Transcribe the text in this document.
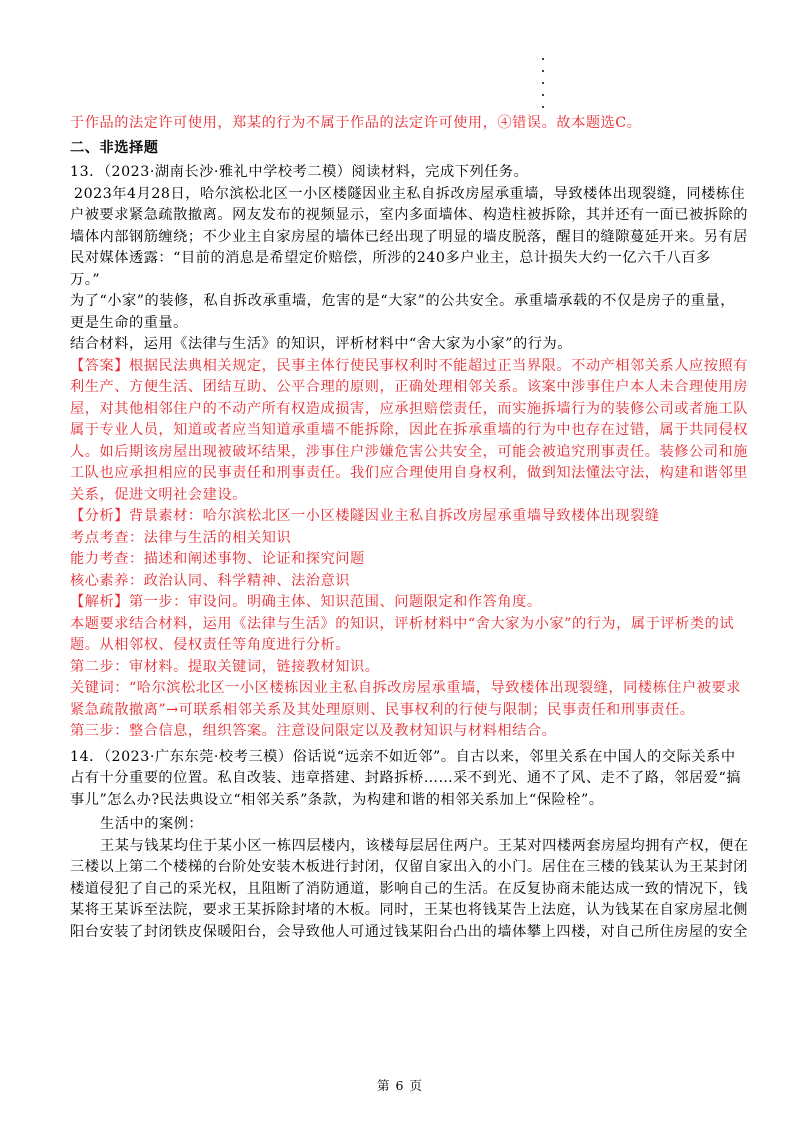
于作品的法定许可使用，郑某的行为不属于作品的法定许可使用，④错误。故本题选C。
二、非选择题
13．（2023·湖南长沙·雅礼中学校考二模）阅读材料，完成下列任务。
2023年4月28日，哈尔滨松北区一小区楼隧因业主私自拆改房屋承重墙，导致楼体出现裂缝，同楼栋住
户被要求紧急疏散撤离。网友发布的视频显示，室内多面墙体、构造柱被拆除，其并还有一面已被拆除的
墙体内部钢筋缠绕；不少业主自家房屋的墙体已经出现了明显的墙皮脱落，醒目的缝隙蔓延开来。另有居
民对媒体透露：“目前的消息是希望定价赔偿，所涉的240多户业主，总计损失大约一亿六千八百多
万。”
为了“小家”的装修，私自拆改承重墙，危害的是“大家”的公共安全。承重墙承载的不仅是房子的重量，
更是生命的重量。
结合材料，运用《法律与生活》的知识，评析材料中“舍大家为小家”的行为。
【答案】根据民法典相关规定，民事主体行使民事权利时不能超过正当界限。不动产相邻关系人应按照有
利生产、方便生活、团结互助、公平合理的原则，正确处理相邻关系。该案中涉事住户本人未合理使用房
屋，对其他相邻住户的不动产所有权造成损害，应承担赔偿责任，而实施拆墙行为的装修公司或者施工队
属于专业人员，知道或者应当知道承重墙不能拆除，因此在拆承重墙的行为中也存在过错，属于共同侵权
人。如后期该房屋出现被破坏结果，涉事住户涉嫌危害公共安全，可能会被追究刑事责任。装修公司和施
工队也应承担相应的民事责任和刑事责任。我们应合理使用自身权利，做到知法懂法守法，构建和谐邻里
关系，促进文明社会建设。
【分析】背景素材：哈尔滨松北区一小区楼隧因业主私自拆改房屋承重墙导致楼体出现裂缝
考点考查：法律与生活的相关知识
能力考查：描述和阐述事物、论证和探究问题
核心素养：政治认同、科学精神、法治意识
【解析】第一步：审设问。明确主体、知识范围、问题限定和作答角度。
本题要求结合材料，运用《法律与生活》的知识，评析材料中“舍大家为小家”的行为，属于评析类的试
题。从相邻权、侵权责任等角度进行分析。
第二步：审材料。提取关键词，链接教材知识。
关键词：“哈尔滨松北区一小区楼栋因业主私自拆改房屋承重墙，导致楼体出现裂缝，同楼栋住户被要求
紧急疏散撤离”→可联系相邻关系及其处理原则、民事权利的行使与限制；民事责任和刑事责任。
第三步：整合信息，组织答案。注意设问限定以及教材知识与材料相结合。
14．（2023·广东东莞·校考三模）俗话说“远亲不如近邻”。自古以来，邻里关系在中国人的交际关系中
占有十分重要的位置。私自改装、违章搭建、封路拆桥……采不到光、通不了风、走不了路，邻居爱“搞
事儿”怎么办?民法典设立“相邻关系”条款，为构建和谐的相邻关系加上“保险栓”。
生活中的案例：
王某与钱某均住于某小区一栋四层楼内，该楼每层居住两户。王某对四楼两套房屋均拥有产权，便在
三楼以上第二个楼梯的台阶处安装木板进行封闭，仅留自家出入的小门。居住在三楼的钱某认为王某封闭
楼道侵犯了自己的采光权，且阻断了消防通道，影响自己的生活。在反复协商未能达成一致的情况下，钱
某将王某诉至法院，要求王某拆除封堵的木板。同时，王某也将钱某告上法庭，认为钱某在自家房屋北侧
阳台安装了封闭铁皮保暖阳台，会导致他人可通过钱某阳台凸出的墙体攀上四楼，对自己所住房屋的安全
第 6 页
